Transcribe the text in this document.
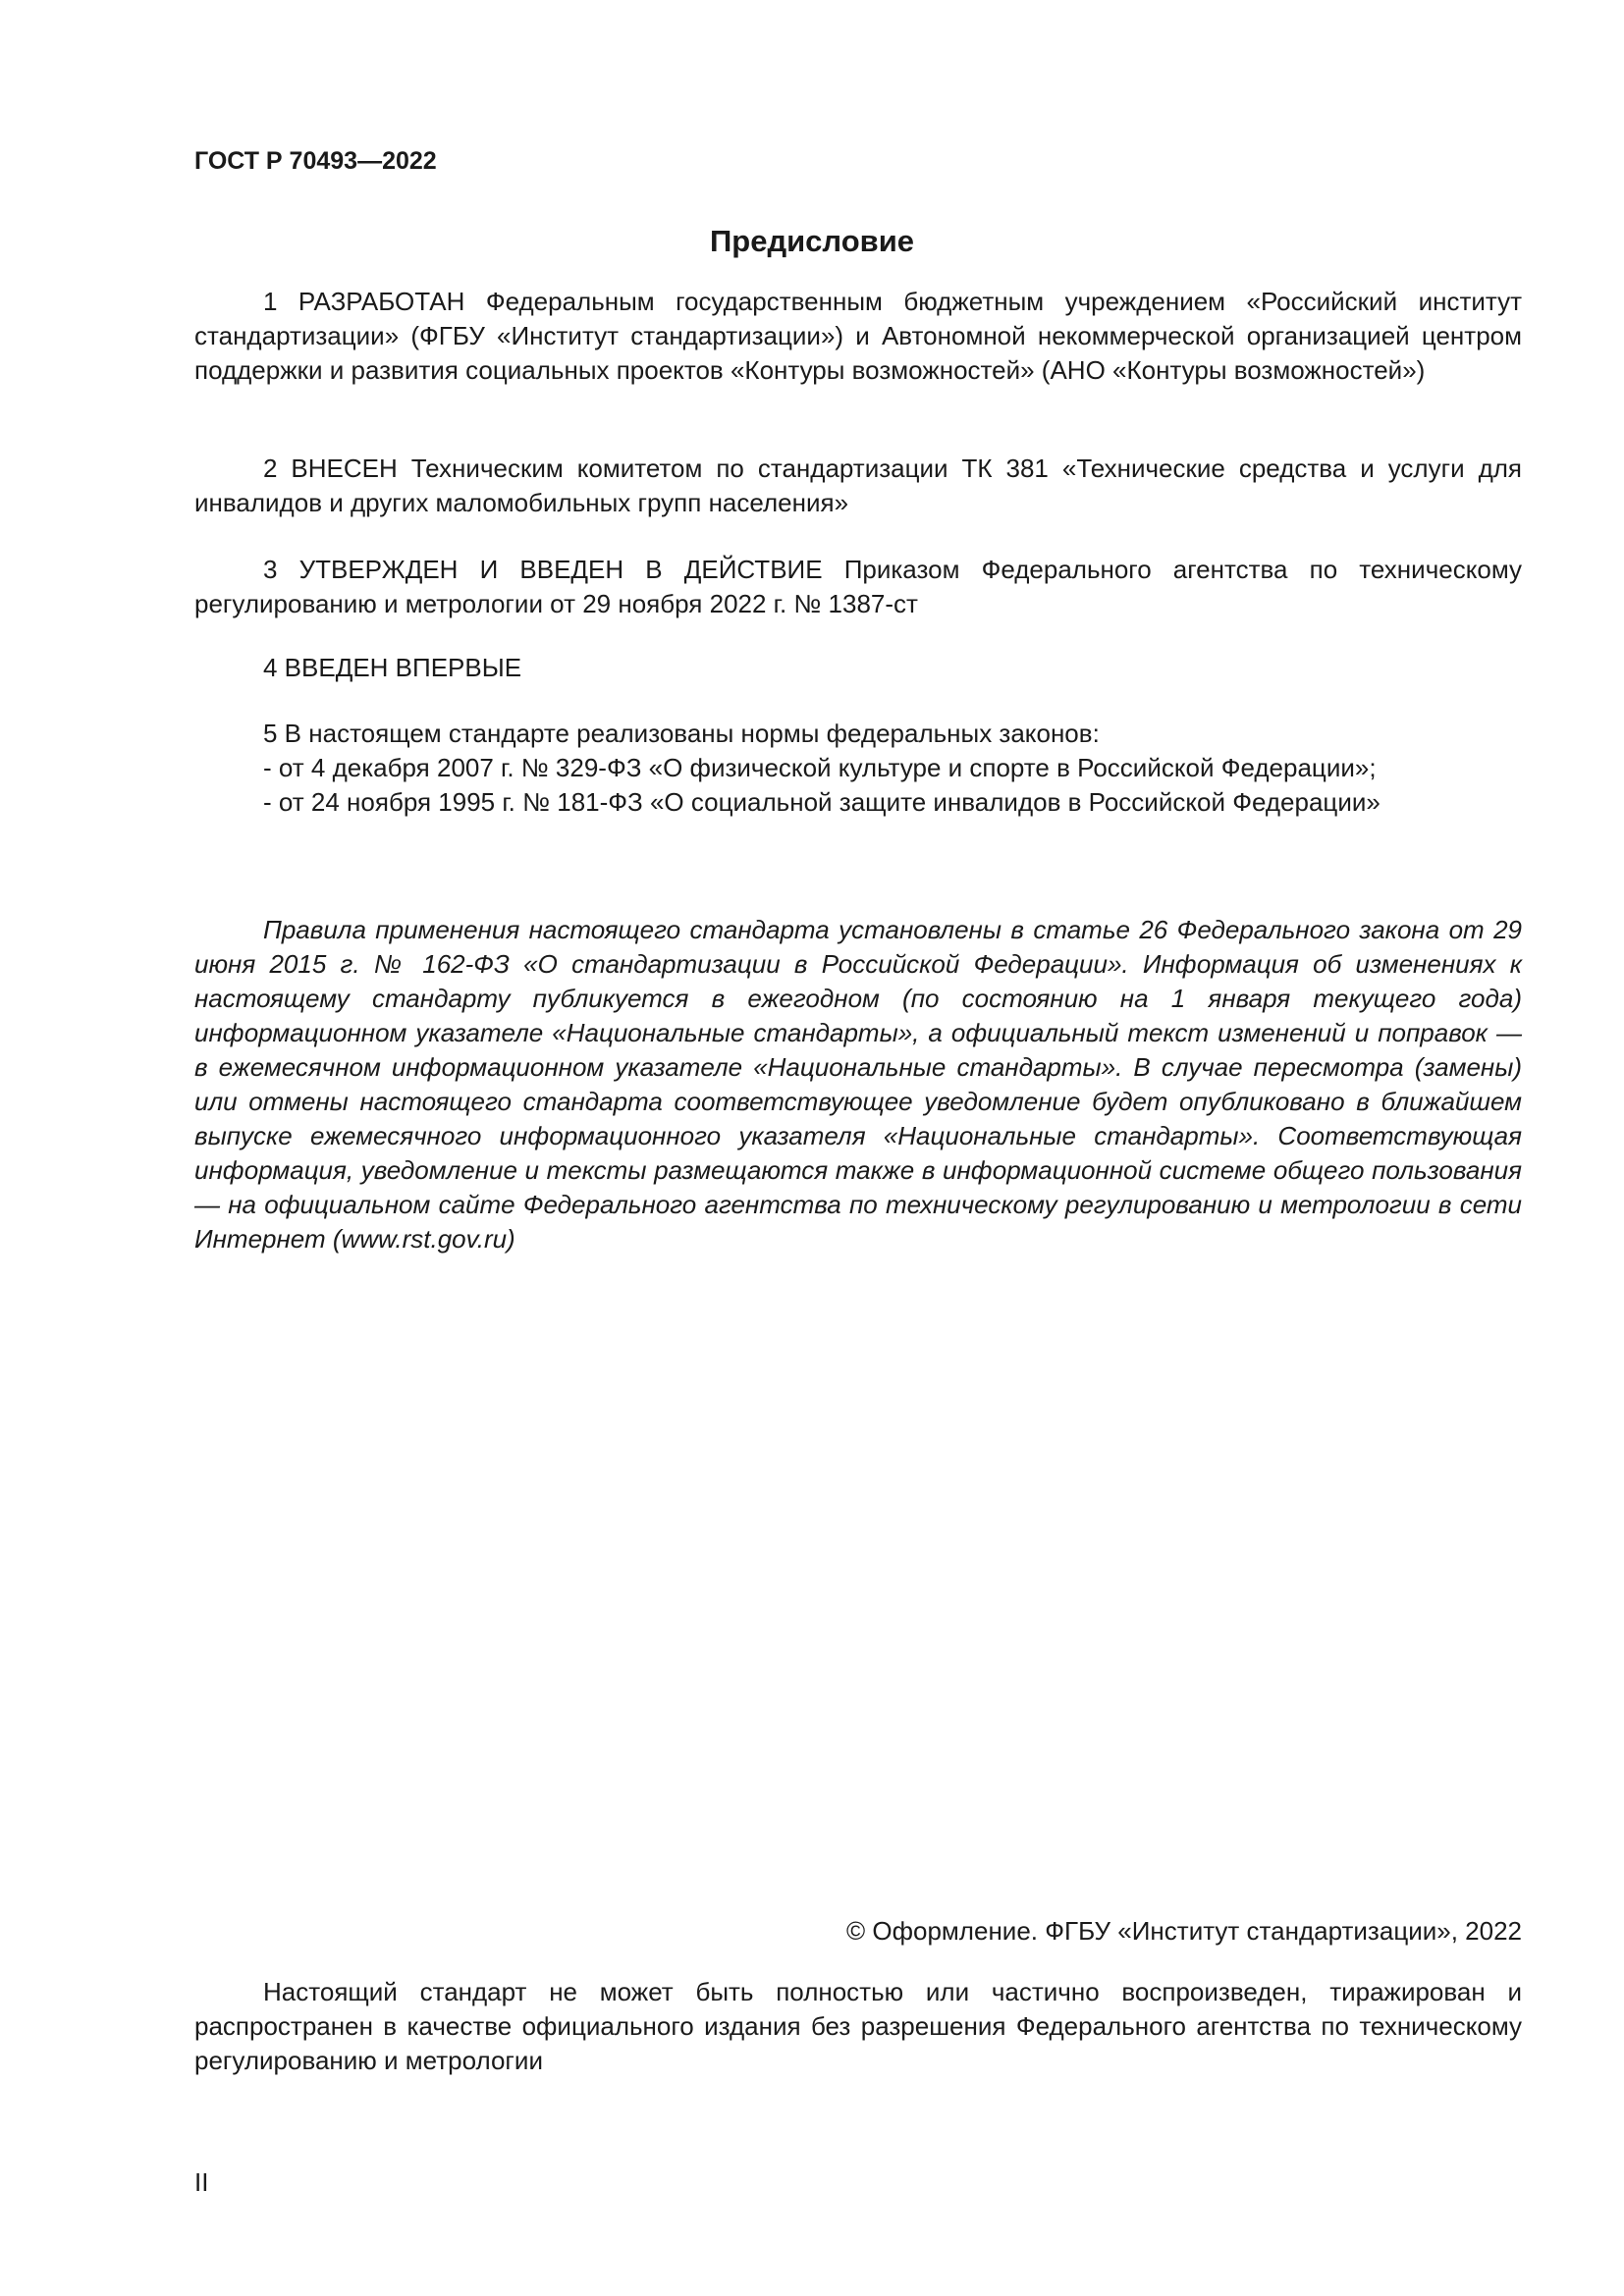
ГОСТ Р 70493—2022

Предисловие

1 РАЗРАБОТАН Федеральным государственным бюджетным учреждением «Российский институт стандартизации» (ФГБУ «Институт стандартизации») и Автономной некоммерческой организацией центром поддержки и развития социальных проектов «Контуры возможностей» (АНО «Контуры возможностей»)

2 ВНЕСЕН Техническим комитетом по стандартизации ТК 381 «Технические средства и услуги для инвалидов и других маломобильных групп населения»

3 УТВЕРЖДЕН И ВВЕДЕН В ДЕЙСТВИЕ Приказом Федерального агентства по техническому регулированию и метрологии от 29 ноября 2022 г. № 1387-ст

4 ВВЕДЕН ВПЕРВЫЕ

5 В настоящем стандарте реализованы нормы федеральных законов:

- от 4 декабря 2007 г. № 329-ФЗ «О физической культуре и спорте в Российской Федерации»;
- от 24 ноября 1995 г. № 181-ФЗ «О социальной защите инвалидов в Российской Федерации»

Правила применения настоящего стандарта установлены в статье 26 Федерального закона от 29 июня 2015 г. № 162-ФЗ «О стандартизации в Российской Федерации». Информация об изменениях к настоящему стандарту публикуется в ежегодном (по состоянию на 1 января текущего года) информационном указателе «Национальные стандарты», а официальный текст изменений и поправок — в ежемесячном информационном указателе «Национальные стандарты». В случае пересмотра (замены) или отмены настоящего стандарта соответствующее уведомление будет опубликовано в ближайшем выпуске ежемесячного информационного указателя «Национальные стандарты». Соответствующая информация, уведомление и тексты размещаются также в информационной системе общего пользования — на официальном сайте Федерального агентства по техническому регулированию и метрологии в сети Интернет (www.rst.gov.ru)

© Оформление. ФГБУ «Институт стандартизации», 2022

Настоящий стандарт не может быть полностью или частично воспроизведен, тиражирован и распространен в качестве официального издания без разрешения Федерального агентства по техническому регулированию и метрологии

II
